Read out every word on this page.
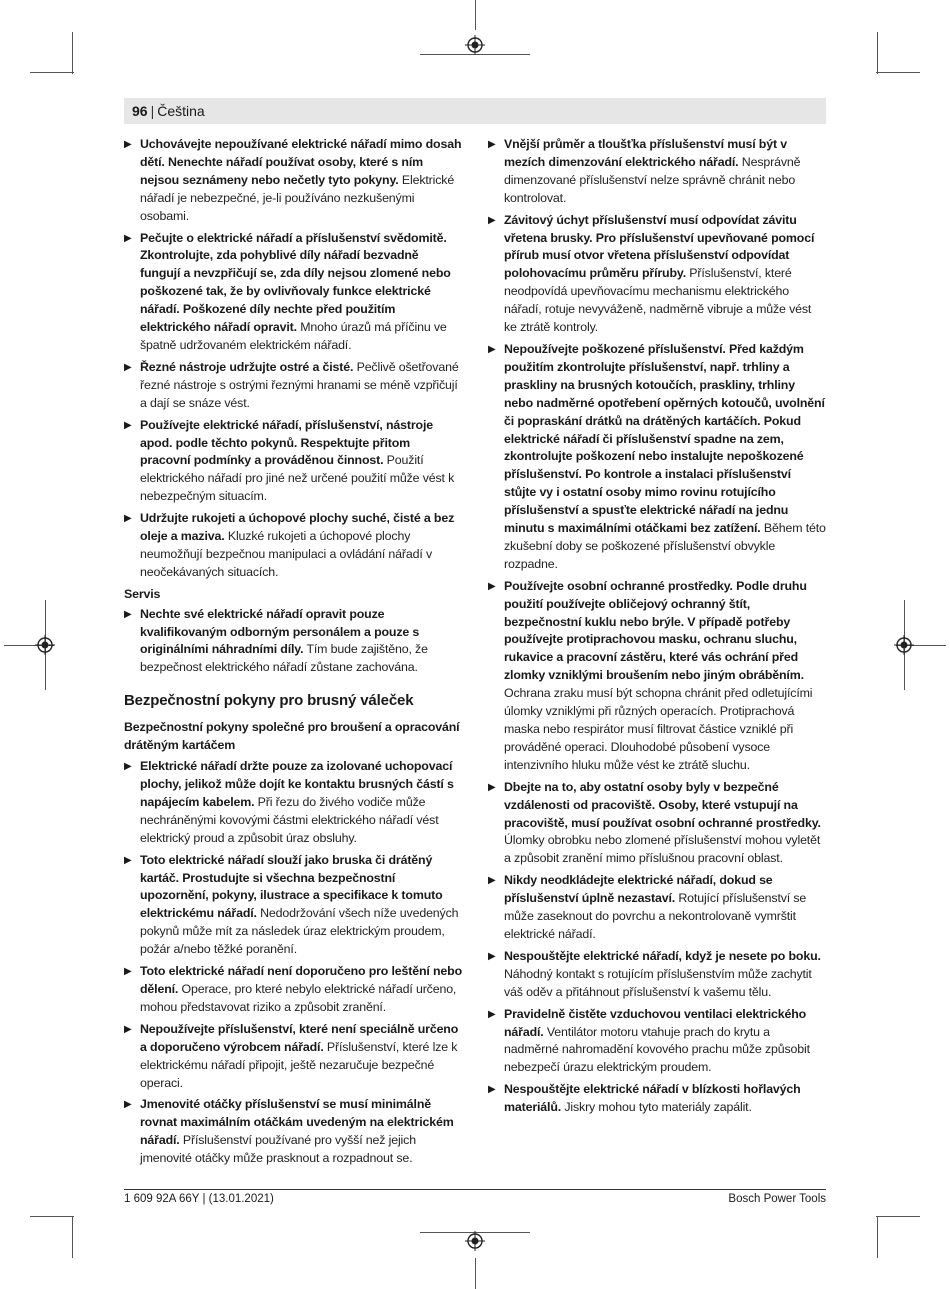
96 | Čeština
▶ Uchovávejte nepoužívané elektrické nářadí mimo dosah dětí. Nenechte nářadí používat osoby, které s ním nejsou seznámeny nebo nečetly tyto pokyny. Elektrické nářadí je nebezpečné, je-li používáno nezkušenými osobami.
▶ Pečujte o elektrické nářadí a příslušenství svědomitě. Zkontrolujte, zda pohyblivé díly nářadí bezvadně fungují a nevzpřičují se, zda díly nejsou zlomené nebo poškozené tak, že by ovlivňovaly funkce elektrické nářadí. Poškozené díly nechte před použitím elektrického nářadí opravit. Mnoho úrazů má příčinu ve špatně udržovaném elektrickém nářadí.
▶ Řezné nástroje udržujte ostré a čisté. Pečlivě ošetřované řezné nástroje s ostrými řeznými hranami se méně vzpřičují a dají se snáze vést.
▶ Používejte elektrické nářadí, příslušenství, nástroje apod. podle těchto pokynů. Respektujte přitom pracovní podmínky a prováděnou činnost. Použití elektrického nářadí pro jiné než určené použití může vést k nebezpečným situacím.
▶ Udržujte rukojeti a úchopové plochy suché, čisté a bez oleje a maziva. Kluzké rukojeti a úchopové plochy neumožňují bezpečnou manipulaci a ovládání nářadí v neočekávaných situacích.
Servis
▶ Nechte své elektrické nářadí opravit pouze kvalifikovaným odborným personálem a pouze s originálními náhradními díly. Tím bude zajištěno, že bezpečnost elektrického nářadí zůstane zachována.
Bezpečnostní pokyny pro brusný váleček
Bezpečnostní pokyny společné pro broušení a opracování drátěným kartáčem
▶ Elektrické nářadí držte pouze za izolované uchopovací plochy, jelikož může dojít ke kontaktu brusných částí s napájecím kabelem. Při řezu do živého vodiče může nechráněnými kovovými částmi elektrického nářadí vést elektrický proud a způsobit úraz obsluhy.
▶ Toto elektrické nářadí slouží jako bruska či drátěný kartáč. Prostudujte si všechna bezpečnostní upozornění, pokyny, ilustrace a specifikace k tomuto elektrickému nářadí. Nedodržování všech níže uvedených pokynů může mít za následek úraz elektrickým proudem, požár a/nebo těžké poranění.
▶ Toto elektrické nářadí není doporučeno pro leštění nebo dělení. Operace, pro které nebylo elektrické nářadí určeno, mohou představovat riziko a způsobit zranění.
▶ Nepoužívejte příslušenství, které není speciálně určeno a doporučeno výrobcem nářadí. Příslušenství, které lze k elektrickému nářadí připojit, ještě nezaručuje bezpečné operaci.
▶ Jmenovité otáčky příslušenství se musí minimálně rovnat maximálním otáčkám uvedeným na elektrickém nářadí. Příslušenství používané pro vyšší než jejich jmenovité otáčky může prasknout a rozpadnout se.
▶ Vnější průměr a tloušťka příslušenství musí být v mezích dimenzování elektrického nářadí. Nesprávně dimenzované příslušenství nelze správně chránit nebo kontrolovat.
▶ Závitový úchyt příslušenství musí odpovídat závitu vřetena brusky. Pro příslušenství upevňované pomocí přírub musí otvor vřetena příslušenství odpovídat polohovacímu průměru příruby. Příslušenství, které neodpovídá upevňovacímu mechanismu elektrického nářadí, rotuje nevyváženě, nadměrně vibruje a může vést ke ztrátě kontroly.
▶ Nepoužívejte poškozené příslušenství. Před každým použitím zkontrolujte příslušenství, např. trhliny a praskliny na brusných kotoučích, praskliny, trhliny nebo nadměrné opotřebení opěrných kotoučů, uvolnění či popraskání drátků na drátěných kartáčích. Pokud elektrické nářadí či příslušenství spadne na zem, zkontrolujte poškození nebo instalujte nepoškozené příslušenství. Po kontrole a instalaci příslušenství stůjte vy i ostatní osoby mimo rovinu rotujícího příslušenství a spusťte elektrické nářadí na jednu minutu s maximálními otáčkami bez zatížení. Během této zkušební doby se poškozené příslušenství obvykle rozpadne.
▶ Používejte osobní ochranné prostředky. Podle druhu použití používejte obličejový ochranný štít, bezpečnostní kuklu nebo brýle. V případě potřeby používejte protiprachovou masku, ochranu sluchu, rukavice a pracovní zástěru, které vás ochrání před zlomky vzniklými broušením nebo jiným obráběním. Ochrana zraku musí být schopna chránit před odletujícími úlomky vzniklými při různých operacích. Protiprachová maska nebo respirátor musí filtrovat částice vzniklé při prováděné operaci. Dlouhodobé působení vysoce intenzivního hluku může vést ke ztrátě sluchu.
▶ Dbejte na to, aby ostatní osoby byly v bezpečné vzdálenosti od pracoviště. Osoby, které vstupují na pracoviště, musí používat osobní ochranné prostředky. Úlomky obrobku nebo zlomené příslušenství mohou vyletět a způsobit zranění mimo příslušnou pracovní oblast.
▶ Nikdy neodkládejte elektrické nářadí, dokud se příslušenství úplně nezastaví. Rotující příslušenství se může zaseknout do povrchu a nekontrolovaně vymrštit elektrické nářadí.
▶ Nespouštějte elektrické nářadí, když je nesete po boku. Náhodný kontakt s rotujícím příslušenstvím může zachytit váš oděv a přitáhnout příslušenství k vašemu tělu.
▶ Pravidelně čistěte vzduchovou ventilaci elektrického nářadí. Ventilátor motoru vtahuje prach do krytu a nadměrné nahromadění kovového prachu může způsobit nebezpečí úrazu elektrickým proudem.
▶ Nespouštějte elektrické nářadí v blízkosti hořlavých materiálů. Jiskry mohou tyto materiály zapálit.
1 609 92A 66Y | (13.01.2021)	Bosch Power Tools
